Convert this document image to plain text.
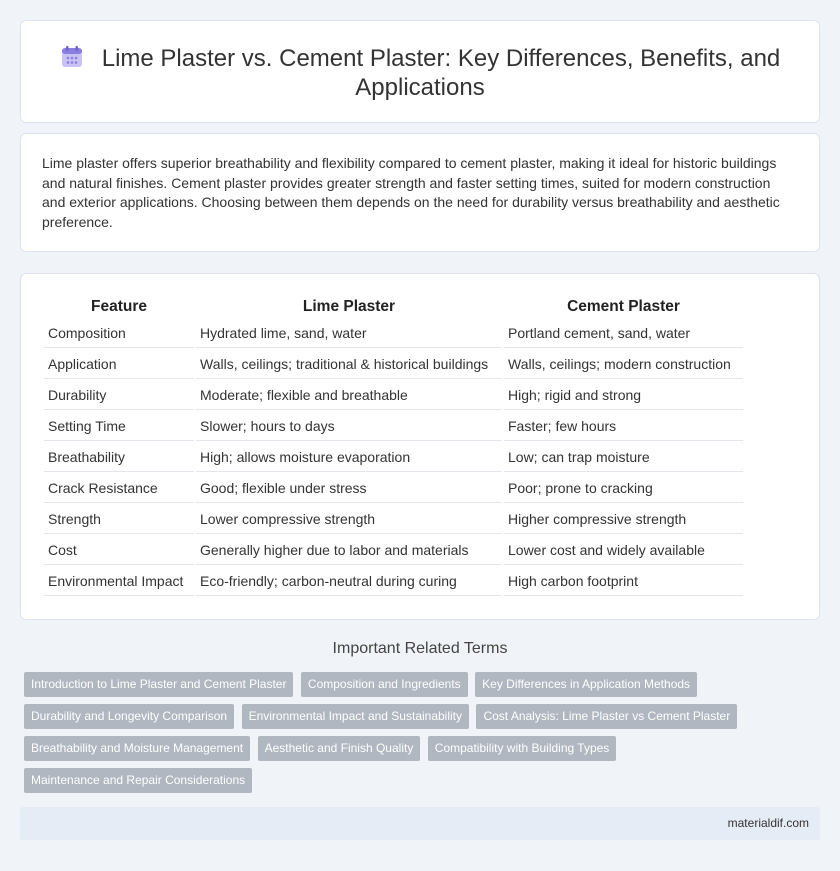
Lime Plaster vs. Cement Plaster: Key Differences, Benefits, and Applications

Lime plaster offers superior breathability and flexibility compared to cement plaster, making it ideal for historic buildings and natural finishes. Cement plaster provides greater strength and faster setting times, suited for modern construction and exterior applications. Choosing between them depends on the need for durability versus breathability and aesthetic preference.

Feature	Lime Plaster	Cement Plaster
Composition	Hydrated lime, sand, water	Portland cement, sand, water
Application	Walls, ceilings; traditional & historical buildings	Walls, ceilings; modern construction
Durability	Moderate; flexible and breathable	High; rigid and strong
Setting Time	Slower; hours to days	Faster; few hours
Breathability	High; allows moisture evaporation	Low; can trap moisture
Crack Resistance	Good; flexible under stress	Poor; prone to cracking
Strength	Lower compressive strength	Higher compressive strength
Cost	Generally higher due to labor and materials	Lower cost and widely available
Environmental Impact	Eco-friendly; carbon-neutral during curing	High carbon footprint
Important Related Terms
Introduction to Lime Plaster and Cement Plaster Composition and Ingredients Key Differences in Application Methods Durability and Longevity Comparison Environmental Impact and Sustainability Cost Analysis: Lime Plaster vs Cement Plaster Breathability and Moisture Management Aesthetic and Finish Quality Compatibility with Building Types Maintenance and Repair Considerations
materialdif.com
